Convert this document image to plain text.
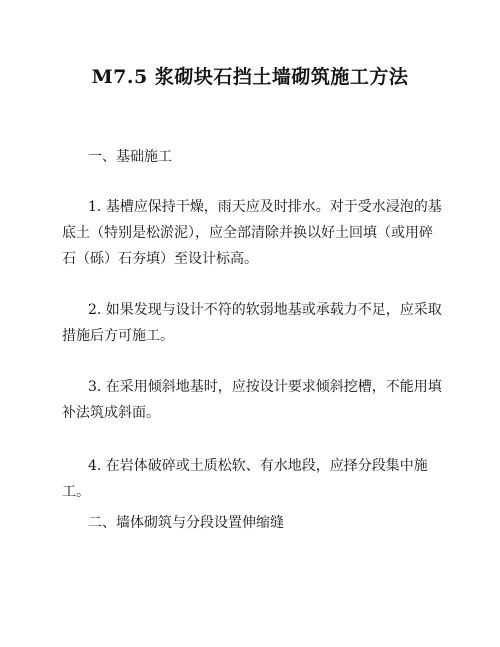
M7.5 浆砌块石挡土墙砌筑施工方法
一、基础施工
1. 基槽应保持干燥，雨天应及时排水。对于受水浸泡的基底土（特别是松淤泥），应全部清除并换以好土回填（或用碎石（砾）石夯填）至设计标高。
2. 如果发现与设计不符的软弱地基或承载力不足，应采取措施后方可施工。
3. 在采用倾斜地基时，应按设计要求倾斜挖槽，不能用填补法筑成斜面。
4. 在岩体破碎或土质松软、有水地段，应择分段集中施工。
二、墙体砌筑与分段设置伸缩缝
